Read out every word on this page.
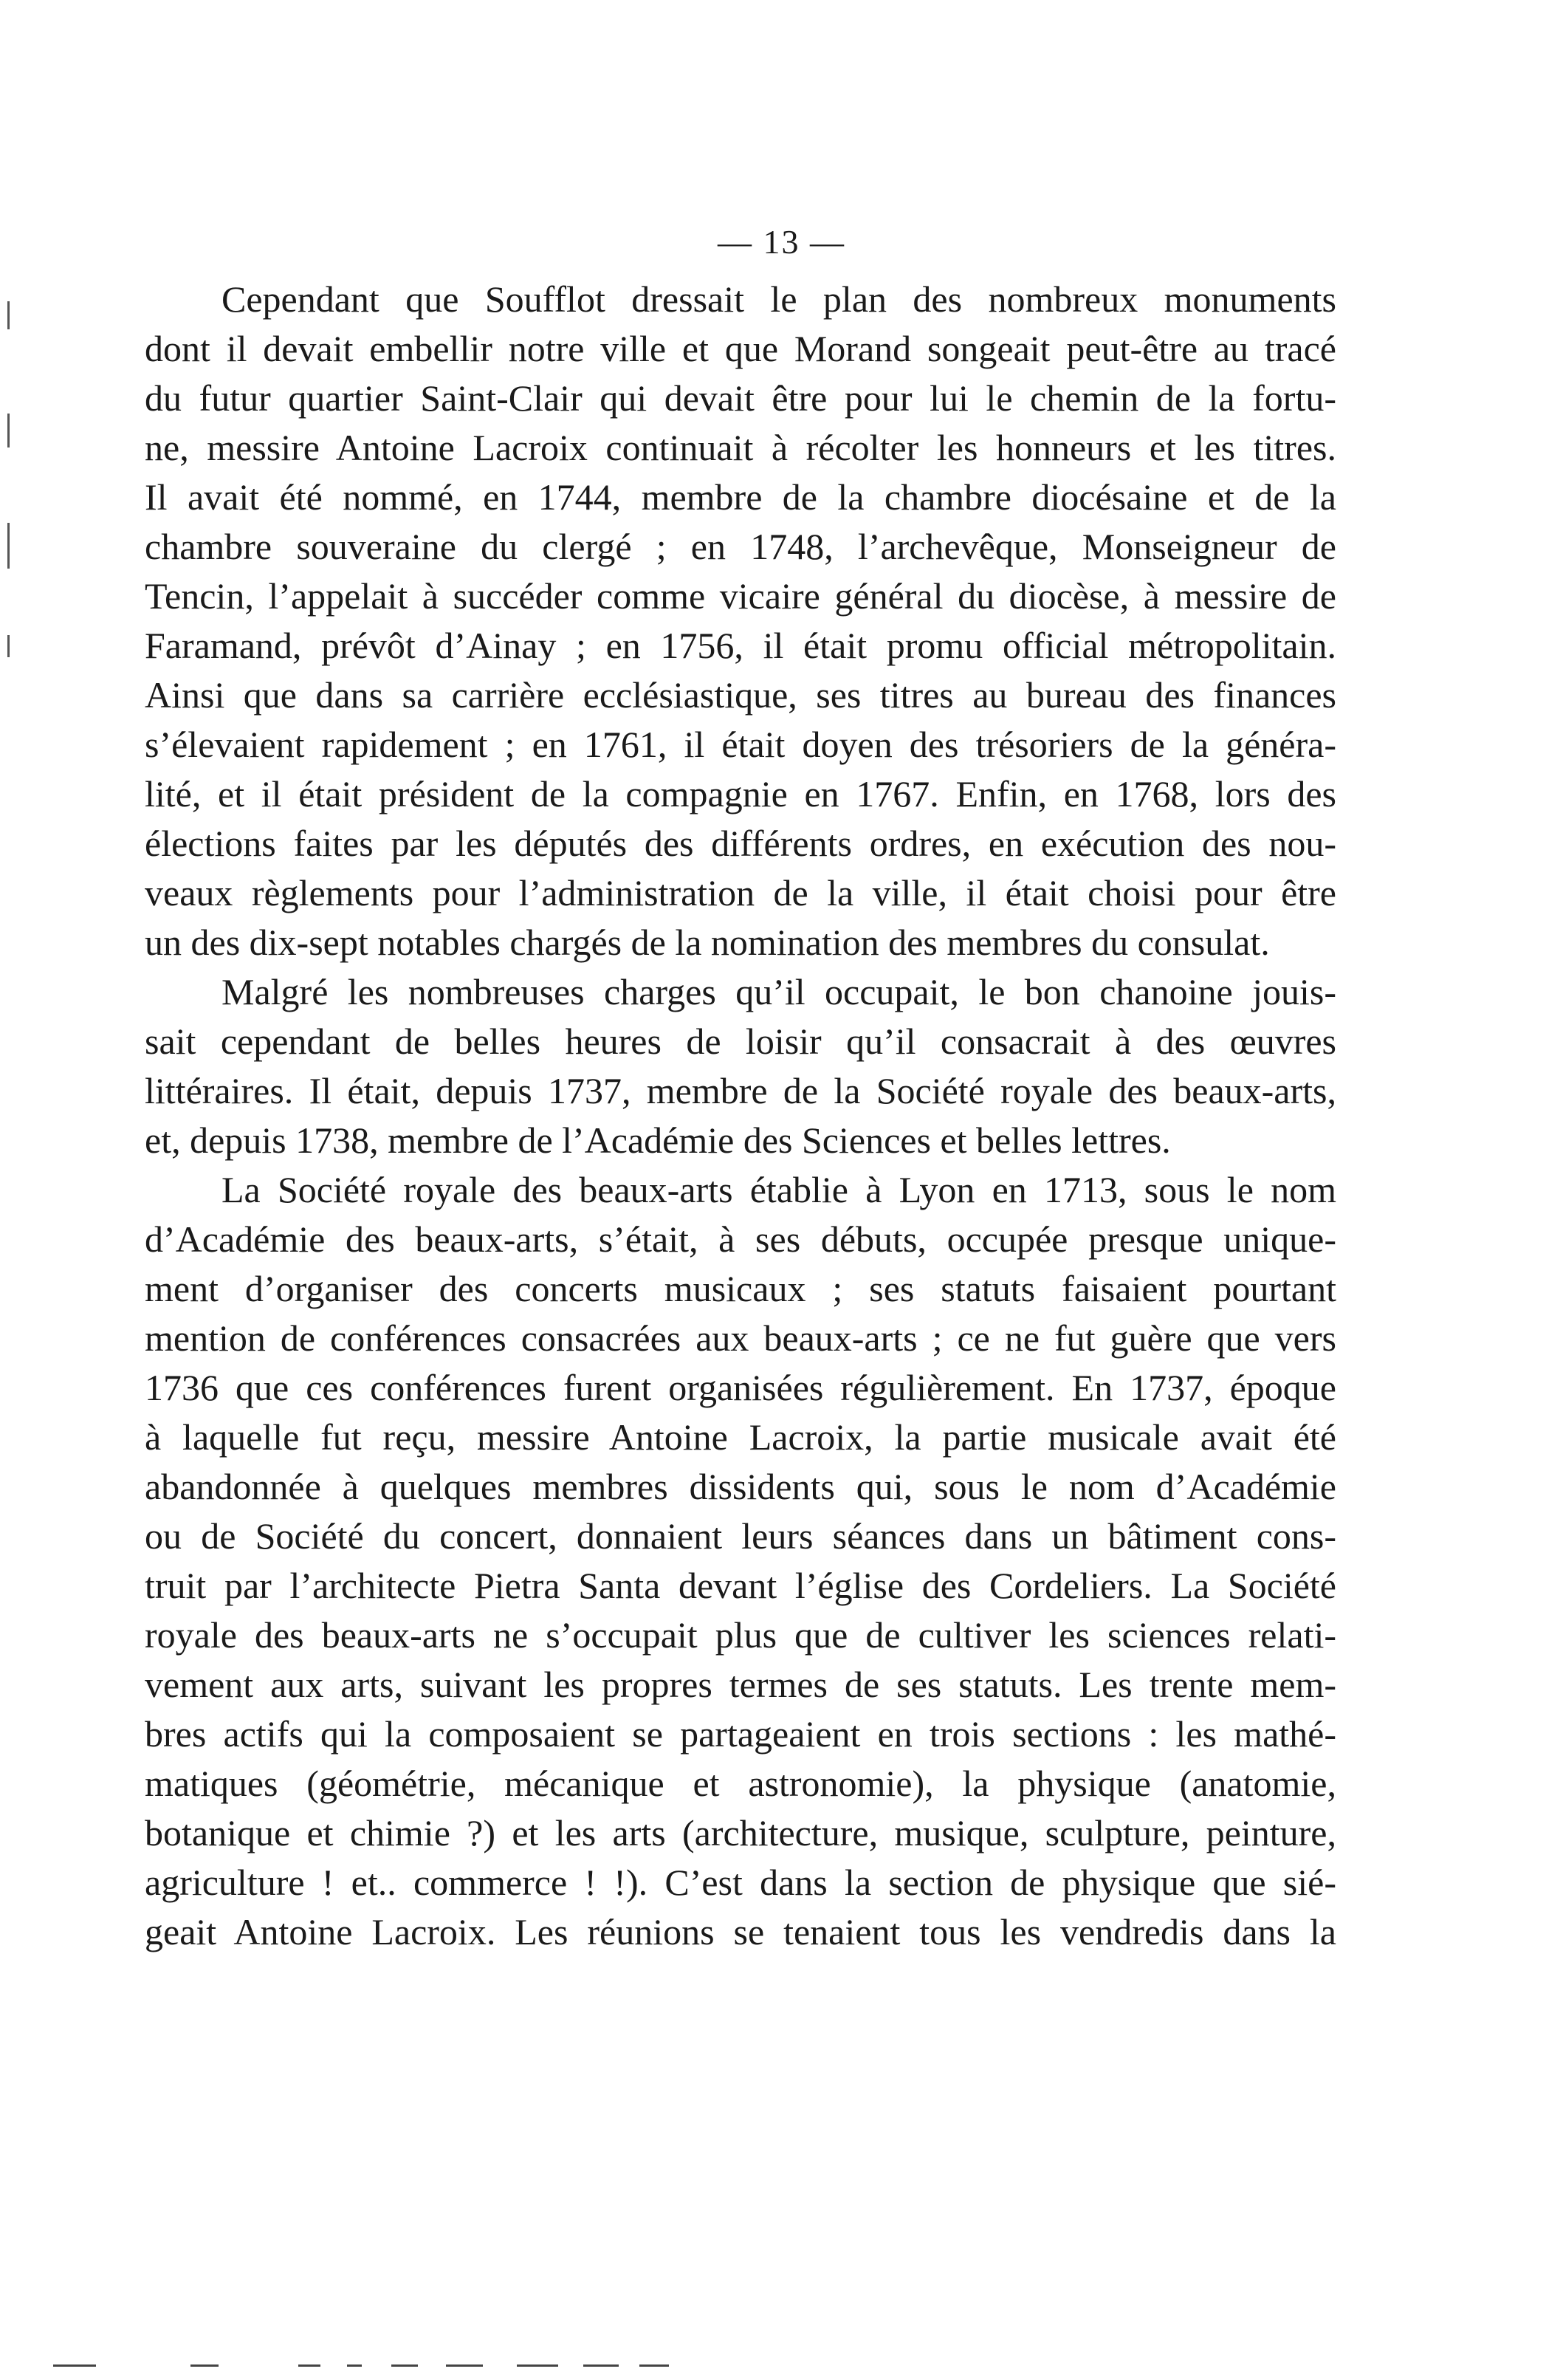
— 13 —
Cependant que Soufflot dressait le plan des nombreux monuments
dont il devait embellir notre ville et que Morand songeait peut-être au tracé
du futur quartier Saint-Clair qui devait être pour lui le chemin de la fortu-
ne, messire Antoine Lacroix continuait à récolter les honneurs et les titres.
Il avait été nommé, en 1744, membre de la chambre diocésaine et de la
chambre souveraine du clergé ; en 1748, l’archevêque, Monseigneur de
Tencin, l’appelait à succéder comme vicaire général du diocèse, à messire de
Faramand, prévôt d’Ainay ; en 1756, il était promu official métropolitain.
Ainsi que dans sa carrière ecclésiastique, ses titres au bureau des finances
s’élevaient rapidement ; en 1761, il était doyen des trésoriers de la généra-
lité, et il était président de la compagnie en 1767. Enfin, en 1768, lors des
élections faites par les députés des différents ordres, en exécution des nou-
veaux règlements pour l’administration de la ville, il était choisi pour être
un des dix-sept notables chargés de la nomination des membres du consulat.
Malgré les nombreuses charges qu’il occupait, le bon chanoine jouis-
sait cependant de belles heures de loisir qu’il consacrait à des œuvres
littéraires. Il était, depuis 1737, membre de la Société royale des beaux-arts,
et, depuis 1738, membre de l’Académie des Sciences et belles lettres.
La Société royale des beaux-arts établie à Lyon en 1713, sous le nom
d’Académie des beaux-arts, s’était, à ses débuts, occupée presque unique-
ment d’organiser des concerts musicaux ; ses statuts faisaient pourtant
mention de conférences consacrées aux beaux-arts ; ce ne fut guère que vers
1736 que ces conférences furent organisées régulièrement. En 1737, époque
à laquelle fut reçu, messire Antoine Lacroix, la partie musicale avait été
abandonnée à quelques membres dissidents qui, sous le nom d’Académie
ou de Société du concert, donnaient leurs séances dans un bâtiment cons-
truit par l’architecte Pietra Santa devant l’église des Cordeliers. La Société
royale des beaux-arts ne s’occupait plus que de cultiver les sciences relati-
vement aux arts, suivant les propres termes de ses statuts. Les trente mem-
bres actifs qui la composaient se partageaient en trois sections : les mathé-
matiques (géométrie, mécanique et astronomie), la physique (anatomie,
botanique et chimie ?) et les arts (architecture, musique, sculpture, peinture,
agriculture ! et.. commerce ! !). C’est dans la section de physique que sié-
geait Antoine Lacroix. Les réunions se tenaient tous les vendredis dans la
